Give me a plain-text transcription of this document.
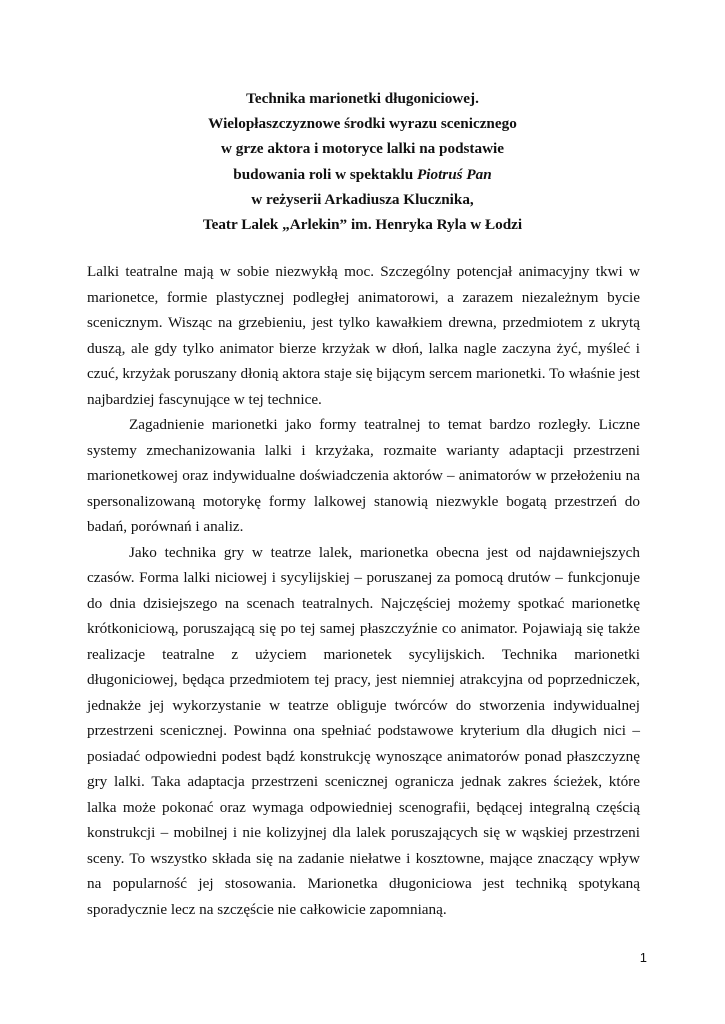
Technika marionetki długoniciowej.
Wielopłaszczyznowe środki wyrazu scenicznego
w grze aktora i motoryce lalki na podstawie
budowania roli w spektaklu Piotruś Pan
w reżyserii Arkadiusza Klucznika,
Teatr Lalek „Arlekin” im. Henryka Ryla w Łodzi

Lalki teatralne mają w sobie niezwykłą moc. Szczególny potencjał animacyjny tkwi w marionetce, formie plastycznej podległej animatorowi, a zarazem niezależnym bycie scenicznym. Wisząc na grzebieniu, jest tylko kawałkiem drewna, przedmiotem z ukrytą duszą, ale gdy tylko animator bierze krzyżak w dłoń, lalka nagle zaczyna żyć, myśleć i czuć, krzyżak poruszany dłonią aktora staje się bijącym sercem marionetki. To właśnie jest najbardziej fascynujące w tej technice.

Zagadnienie marionetki jako formy teatralnej to temat bardzo rozległy. Liczne systemy zmechanizowania lalki i krzyżaka, rozmaite warianty adaptacji przestrzeni marionetkowej oraz indywidualne doświadczenia aktorów – animatorów w przełożeniu na spersonalizowaną motorykę formy lalkowej stanowią niezwykle bogatą przestrzeń do badań, porównań i analiz.

Jako technika gry w teatrze lalek, marionetka obecna jest od najdawniejszych czasów. Forma lalki niciowej i sycylijskiej – poruszanej za pomocą drutów – funkcjonuje do dnia dzisiejszego na scenach teatralnych. Najczęściej możemy spotkać marionetkę krótkoniciową, poruszającą się po tej samej płaszczyźnie co animator. Pojawiają się także realizacje teatralne z użyciem marionetek sycylijskich. Technika marionetki długoniciowej, będąca przedmiotem tej pracy, jest niemniej atrakcyjna od poprzedniczek, jednakże jej wykorzystanie w teatrze obliguje twórców do stworzenia indywidualnej przestrzeni scenicznej. Powinna ona spełniać podstawowe kryterium dla długich nici – posiadać odpowiedni podest bądź konstrukcję wynoszące animatorów ponad płaszczyznę gry lalki. Taka adaptacja przestrzeni scenicznej ogranicza jednak zakres ścieżek, które lalka może pokonać oraz wymaga odpowiedniej scenografii, będącej integralną częścią konstrukcji – mobilnej i nie kolizyjnej dla lalek poruszających się w wąskiej przestrzeni sceny. To wszystko składa się na zadanie niełatwe i kosztowne, mające znaczący wpływ na popularność jej stosowania. Marionetka długoniciowa jest techniką spotykaną sporadycznie lecz na szczęście nie całkowicie zapomnianą.

1
